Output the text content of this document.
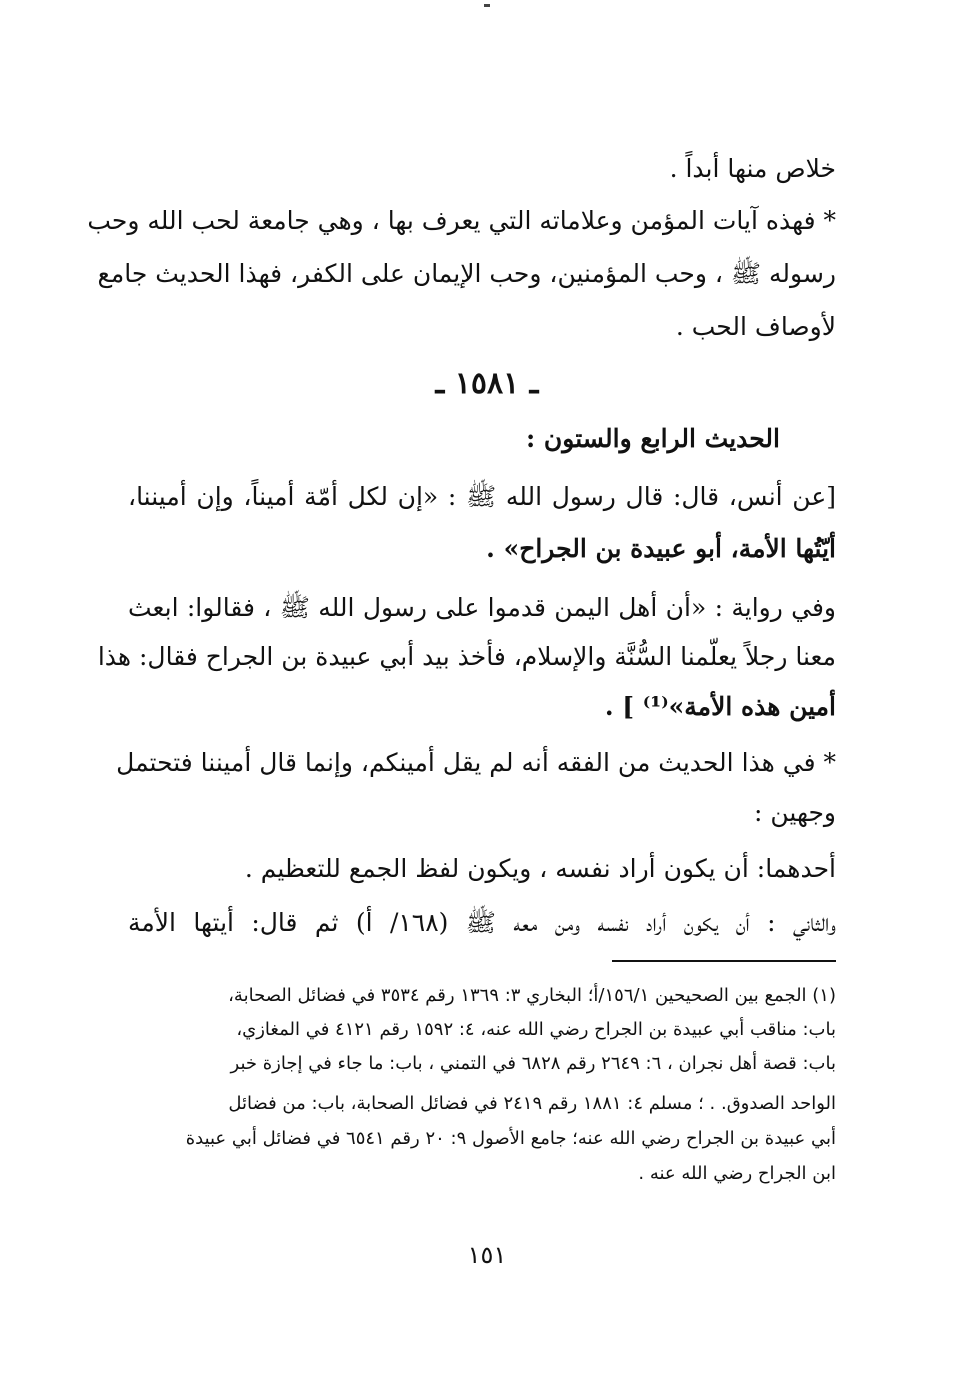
خلاص منها أبداً .
* فهذه آيات المؤمن وعلاماته التي يعرف بها ، وهي جامعة لحب الله وحب
رسوله ﷺ ، وحب المؤمنين، وحب الإيمان على الكفر، فهذا الحديث جامع
لأوصاف الحب .
ـ ١٥٨١ ـ
الحديث الرابع والستون :
[عن أنس، قال: قال رسول الله ﷺ : «إن لكل أمّة أميناً، وإن أميننا،
أيّتُها الأمة، أبو عبيدة بن الجراح» .
وفي رواية : «أن أهل اليمن قدموا على رسول الله ﷺ ، فقالوا: ابعث
معنا رجلاً يعلّمنا السُّنَّة والإسلام، فأخذ بيد أبي عبيدة بن الجراح فقال: هذا
أمين هذه الأمة»⁽¹⁾ ] .
* في هذا الحديث من الفقه أنه لم يقل أمينكم، وإنما قال أميننا فتحتمل
وجهين :
أحدهما: أن يكون أراد نفسه ، ويكون لفظ الجمع للتعظيم .
والثاني : أن يكون أراد نفسه ومن معه ﷺ (١٦٨/ أ) ثم قال: أيتها الأمة
(١) الجمع بين الصحيحين ١٥٦/١/أ؛ البخاري ٣: ١٣٦٩ رقم ٣٥٣٤ في فضائل الصحابة،
باب: مناقب أبي عبيدة بن الجراح رضي الله عنه، ٤: ١٥٩٢ رقم ٤١٢١ في المغازي،
باب: قصة أهل نجران ، ٦: ٢٦٤٩ رقم ٦٨٢٨ في التمني ، باب: ما جاء في إجازة خبر
الواحد الصدوق. . ؛ مسلم ٤: ١٨٨١ رقم ٢٤١٩ في فضائل الصحابة، باب: من فضائل
أبي عبيدة بن الجراح رضي الله عنه؛ جامع الأصول ٩: ٢٠ رقم ٦٥٤١ في فضائل أبي عبيدة
ابن الجراح رضي الله عنه .
١٥١
